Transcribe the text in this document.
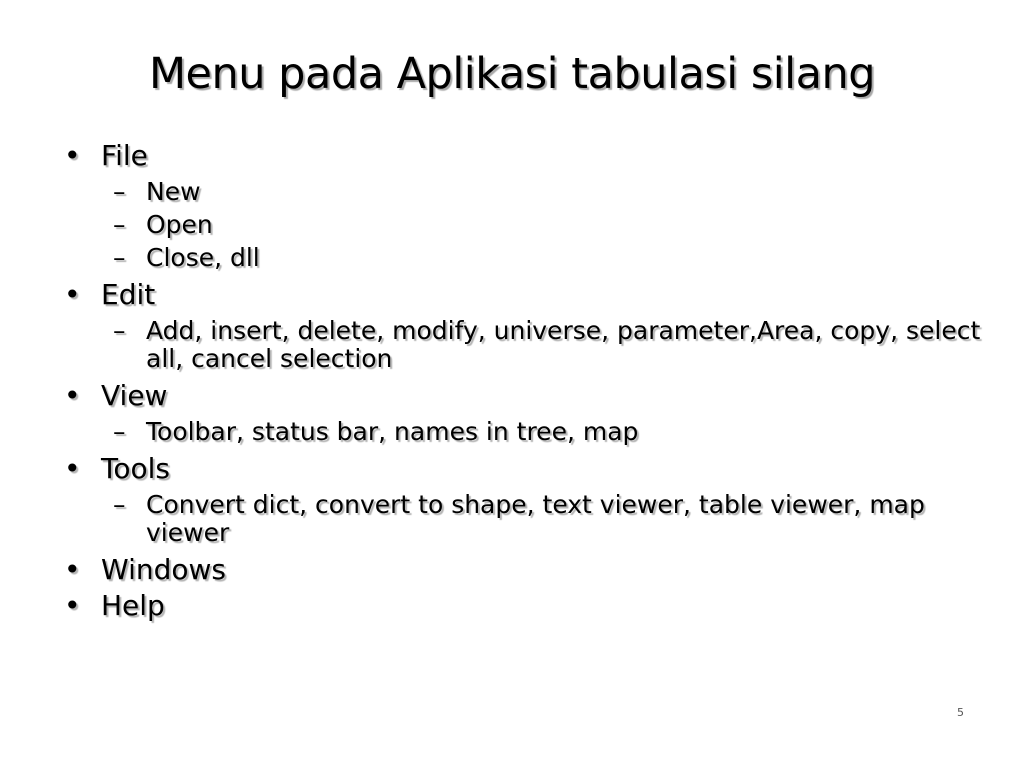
Menu pada Aplikasi tabulasi silang
• File
– New
– Open
– Close, dll
• Edit
– Add, insert, delete, modify, universe, parameter,Area, copy, select all, cancel selection
• View
– Toolbar, status bar, names in tree, map
• Tools
– Convert dict, convert to shape, text viewer, table viewer, map viewer
• Windows
• Help
5
